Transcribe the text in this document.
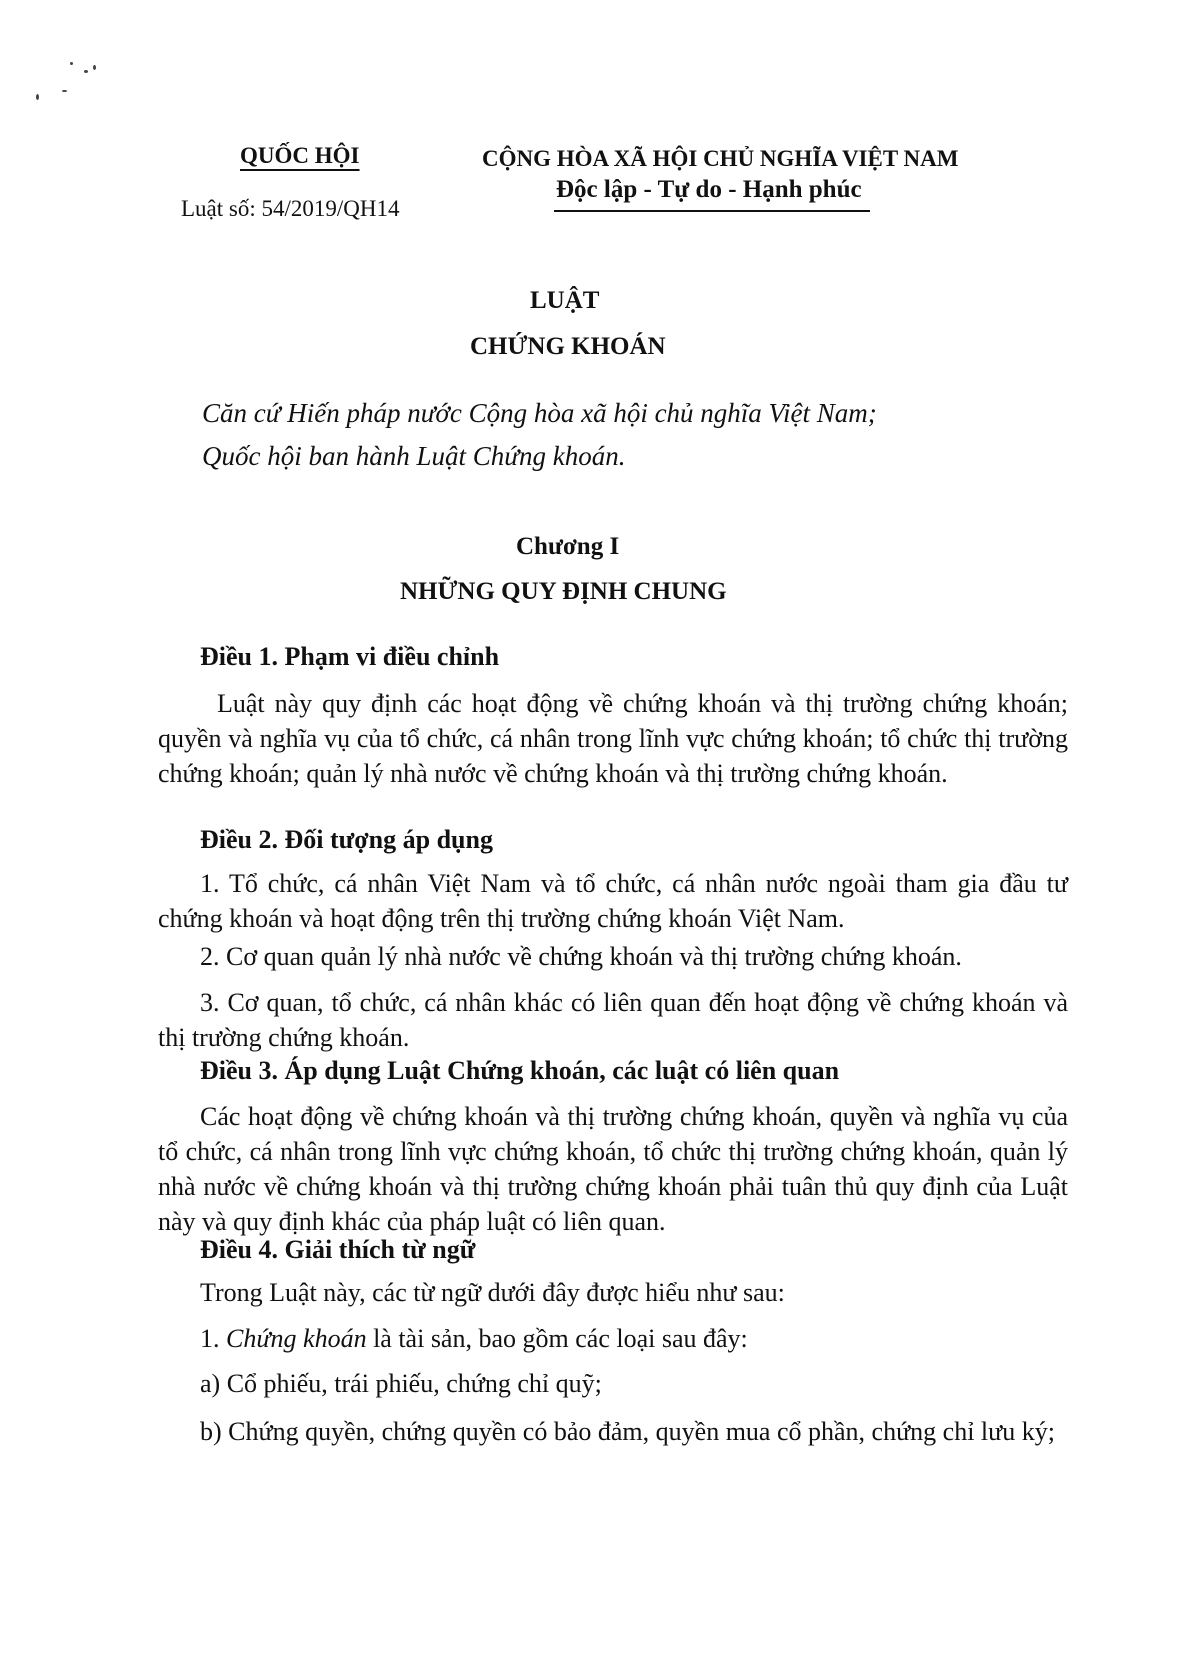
QUỐC HỘI
Luật số: 54/2019/QH14
CỘNG HÒA XÃ HỘI CHỦ NGHĨA VIỆT NAM
Độc lập - Tự do - Hạnh phúc
LUẬT
CHỨNG KHOÁN
Căn cứ Hiến pháp nước Cộng hòa xã hội chủ nghĩa Việt Nam;
Quốc hội ban hành Luật Chứng khoán.
Chương I
NHỮNG QUY ĐỊNH CHUNG
Điều 1. Phạm vi điều chỉnh
Luật này quy định các hoạt động về chứng khoán và thị trường chứng khoán; quyền và nghĩa vụ của tổ chức, cá nhân trong lĩnh vực chứng khoán; tổ chức thị trường chứng khoán; quản lý nhà nước về chứng khoán và thị trường chứng khoán.
Điều 2. Đối tượng áp dụng
1. Tổ chức, cá nhân Việt Nam và tổ chức, cá nhân nước ngoài tham gia đầu tư chứng khoán và hoạt động trên thị trường chứng khoán Việt Nam.
2. Cơ quan quản lý nhà nước về chứng khoán và thị trường chứng khoán.
3. Cơ quan, tổ chức, cá nhân khác có liên quan đến hoạt động về chứng khoán và thị trường chứng khoán.
Điều 3. Áp dụng Luật Chứng khoán, các luật có liên quan
Các hoạt động về chứng khoán và thị trường chứng khoán, quyền và nghĩa vụ của tổ chức, cá nhân trong lĩnh vực chứng khoán, tổ chức thị trường chứng khoán, quản lý nhà nước về chứng khoán và thị trường chứng khoán phải tuân thủ quy định của Luật này và quy định khác của pháp luật có liên quan.
Điều 4. Giải thích từ ngữ
Trong Luật này, các từ ngữ dưới đây được hiểu như sau:
1. Chứng khoán là tài sản, bao gồm các loại sau đây:
a) Cổ phiếu, trái phiếu, chứng chỉ quỹ;
b) Chứng quyền, chứng quyền có bảo đảm, quyền mua cổ phần, chứng chỉ lưu ký;
